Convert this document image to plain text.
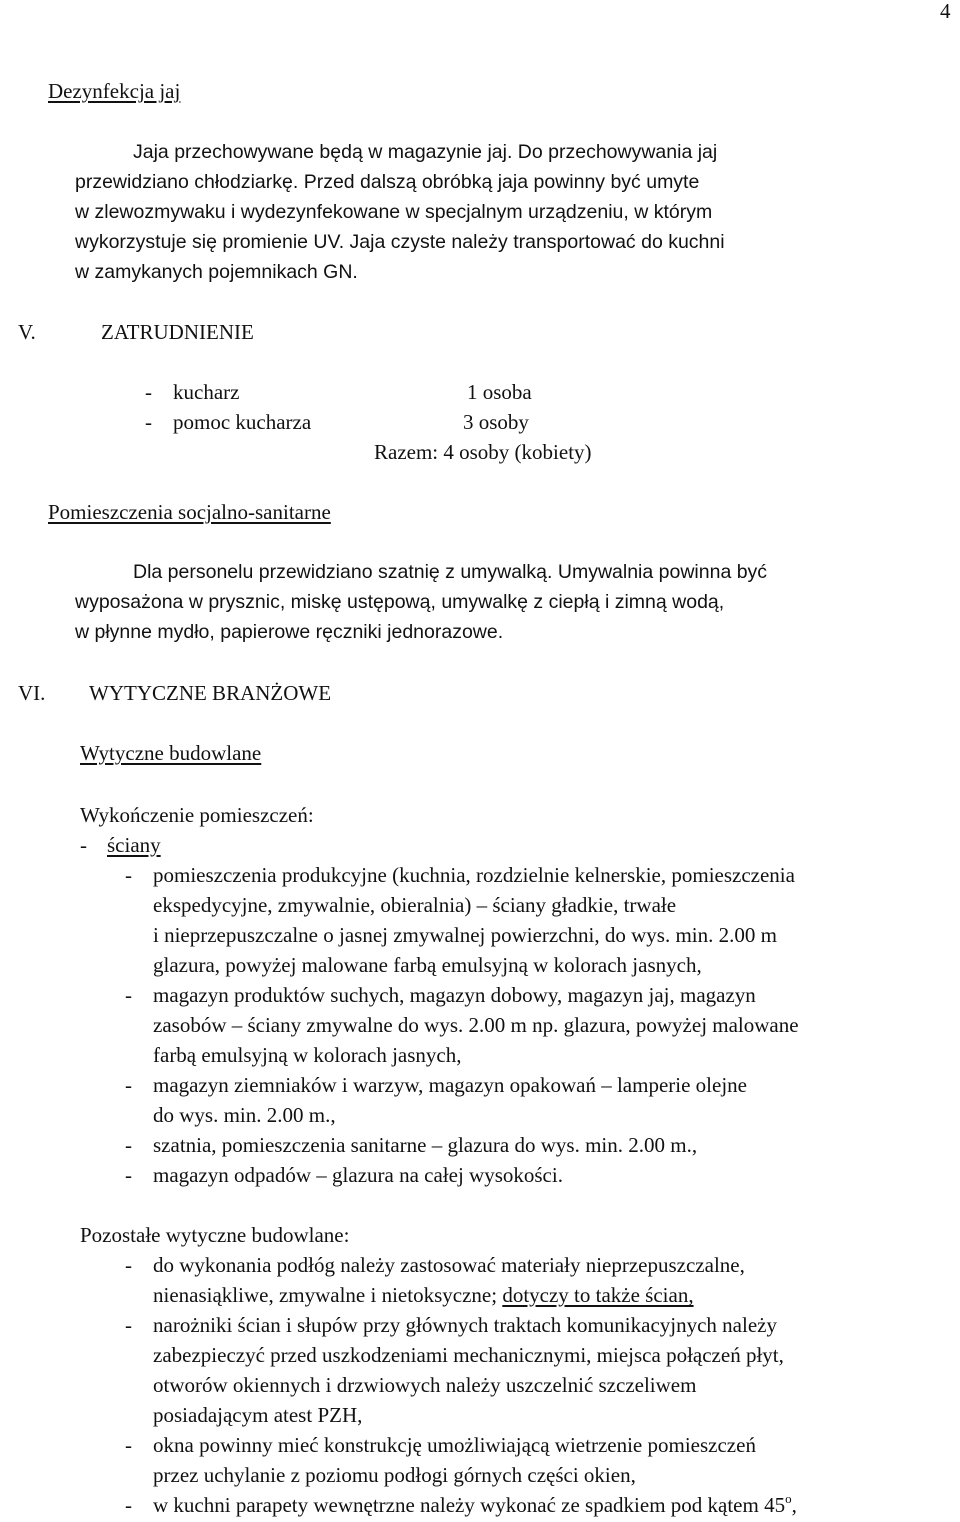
4
Dezynfekcja jaj
Jaja przechowywane będą w magazynie jaj. Do przechowywania jaj
przewidziano chłodziarkę. Przed dalszą obróbką jaja powinny być umyte
w zlewozmywaku i wydezynfekowane w specjalnym urządzeniu, w którym
wykorzystuje się promienie UV. Jaja czyste należy transportować do kuchni
w zamykanych pojemnikach GN.
V.	ZATRUDNIENIE
- kucharz	1 osoba
- pomoc kucharza	3 osoby
Razem: 4 osoby (kobiety)
Pomieszczenia socjalno-sanitarne
Dla personelu przewidziano szatnię z umywalką. Umywalnia powinna być
wyposażona w prysznic, miskę ustępową, umywalkę z ciepłą i zimną wodą,
w płynne mydło, papierowe ręczniki jednorazowe.
VI. WYTYCZNE BRANŻOWE
Wytyczne budowlane
Wykończenie pomieszczeń:
- ściany
- pomieszczenia produkcyjne (kuchnia, rozdzielnie kelnerskie, pomieszczenia
ekspedycyjne, zmywalnie, obieralnia) – ściany gładkie, trwałe
i nieprzepuszczalne o jasnej zmywalnej powierzchni, do wys. min. 2.00 m
glazura, powyżej malowane farbą emulsyjną w kolorach jasnych,
- magazyn produktów suchych, magazyn dobowy, magazyn jaj, magazyn
zasobów – ściany zmywalne do wys. 2.00 m np. glazura, powyżej malowane
farbą emulsyjną w kolorach jasnych,
- magazyn ziemniaków i warzyw, magazyn opakowań – lamperie olejne
do wys. min. 2.00 m.,
- szatnia, pomieszczenia sanitarne – glazura do wys. min. 2.00 m.,
- magazyn odpadów – glazura na całej wysokości.
Pozostałe wytyczne budowlane:
- do wykonania podłóg należy zastosować materiały nieprzepuszczalne,
nienasiąkliwe, zmywalne i nietoksyczne; dotyczy to także ścian,
- narożniki ścian i słupów przy głównych traktach komunikacyjnych należy
zabezpieczyć przed uszkodzeniami mechanicznymi, miejsca połączeń płyt,
otworów okiennych i drzwiowych należy uszczelnić szczeliwem
posiadającym atest PZH,
- okna powinny mieć konstrukcję umożliwiającą wietrzenie pomieszczeń
przez uchylanie z poziomu podłogi górnych części okien,
- w kuchni parapety wewnętrzne należy wykonać ze spadkiem pod kątem 45$^o$,
